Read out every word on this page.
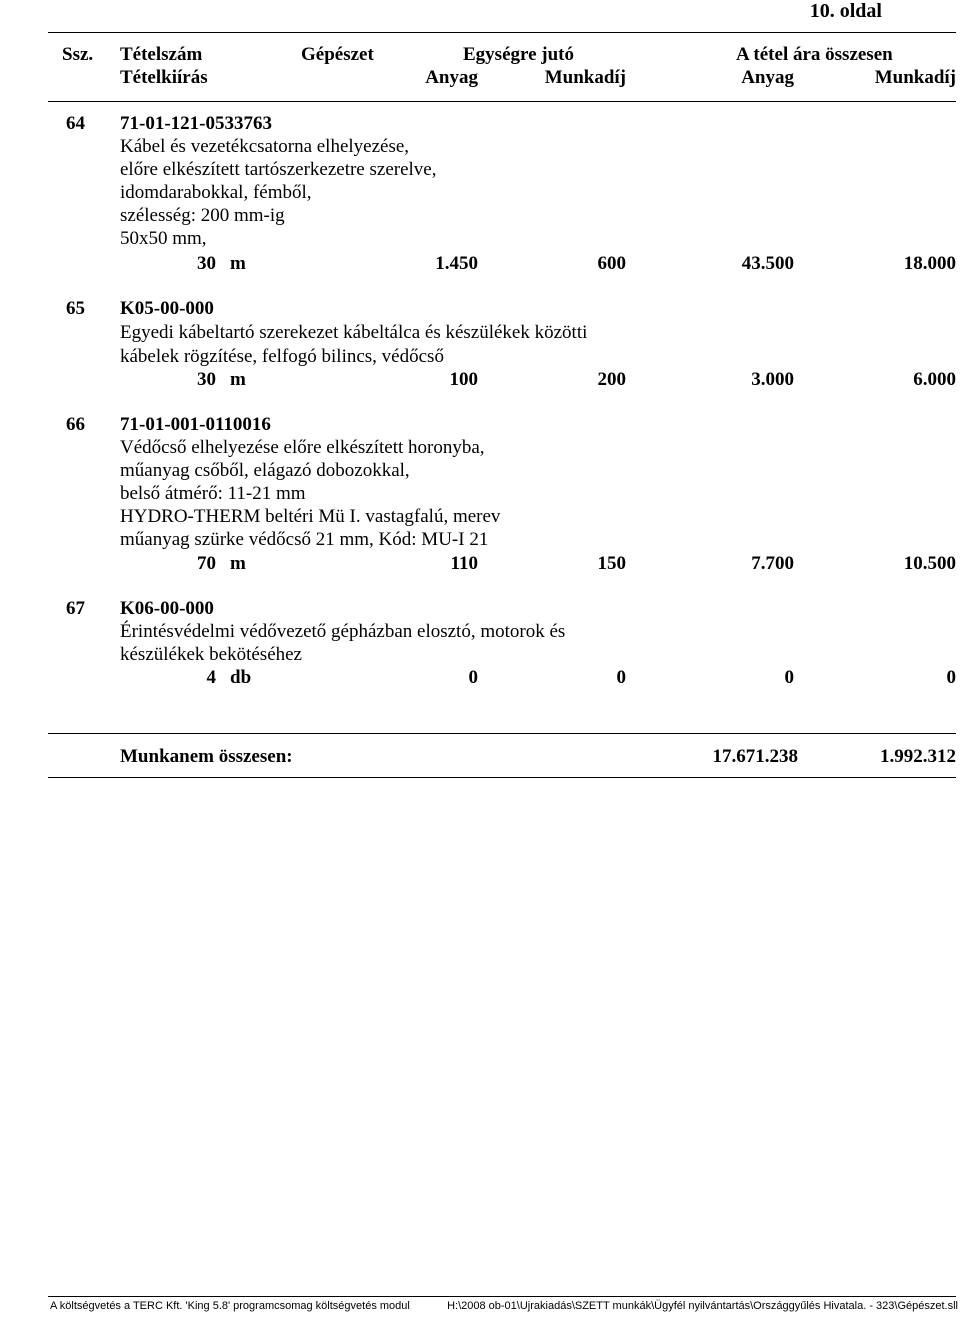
10. oldal
Ssz. Tételszám
Tételkiírás
Gépészet	Egységre jutó	A tétel ára összesen
Anyag	Munkadíj	Anyag	Munkadíj
64 71-01-121-0533763
Kábel és vezetékcsatorna elhelyezése,
előre elkészített tartószerkezetre szerelve,
idomdarabokkal, fémből,
szélesség: 200 mm-ig
50x50 mm,
30 m	1.450	600	43.500	18.000
65 K05-00-000
Egyedi kábeltartó szerekezet kábeltálca és készülékek közötti
kábelek rögzítése, felfogó bilincs, védőcső
30 m	100	200	3.000	6.000
66 71-01-001-0110016
Védőcső elhelyezése előre elkészített horonyba,
műanyag csőből, elágazó dobozokkal,
belső átmérő: 11-21 mm
HYDRO-THERM beltéri Mü I. vastagfalú, merev
műanyag szürke védőcső 21 mm, Kód: MU-I 21
70 m	110	150	7.700	10.500
67 K06-00-000
Érintésvédelmi védővezető gépházban elosztó, motorok és
készülékek bekötéséhez
4 db	0	0	0	0
Munkanem összesen:	17.671.238	1.992.312
A költségvetés a TERC Kft. 'King 5.8' programcsomag költségvetés modul	H:\2008 ob-01\Ujrakiadás\SZETT munkák\Ügyfél nyilvántartás\Országgyűlés Hivatala. - 323\Gépészet.sll
